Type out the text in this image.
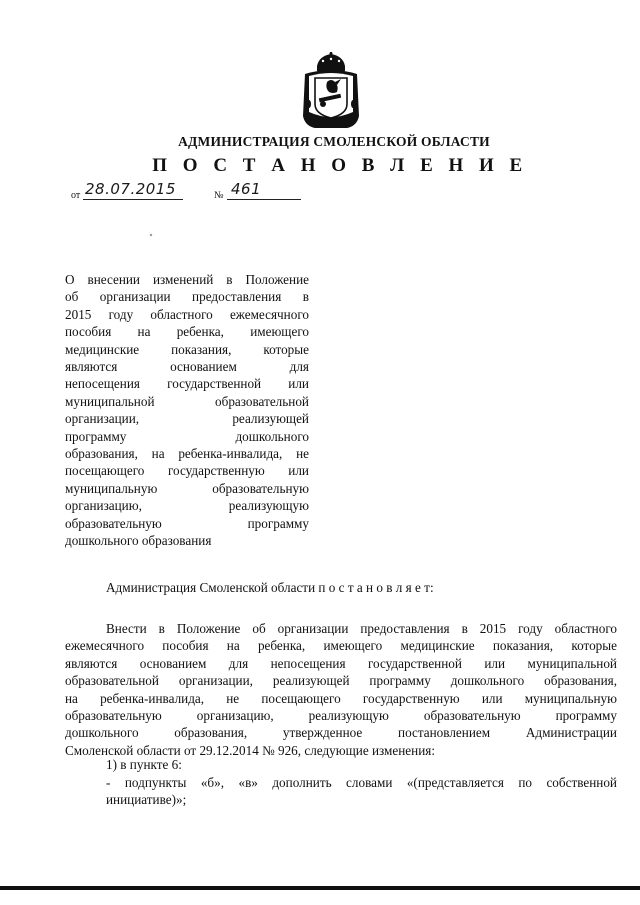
АДМИНИСТРАЦИЯ СМОЛЕНСКОЙ ОБЛАСТИ
П О С Т А Н О В Л Е Н И Е
от 28.07.2015	№ 461
О внесении изменений в Положение
об организации предоставления в
2015 году областного ежемесячного
пособия на ребенка, имеющего
медицинские показания, которые
являются основанием для
непосещения государственной или
муниципальной образовательной
организации, реализующей
программу дошкольного
образования, на ребенка-инвалида, не
посещающего государственную или
муниципальную образовательную
организацию, реализующую
образовательную программу
дошкольного образования
Администрация Смоленской области п о с т а н о в л я е т:
Внести в Положение об организации предоставления в 2015 году областного
ежемесячного пособия на ребенка, имеющего медицинские показания, которые
являются основанием для непосещения государственной или муниципальной
образовательной организации, реализующей программу дошкольного образования,
на ребенка-инвалида, не посещающего государственную или муниципальную
образовательную организацию, реализующую образовательную программу
дошкольного образования, утвержденное постановлением Администрации
Смоленской области от 29.12.2014 № 926, следующие изменения:
1) в пункте 6:
- подпункты «б», «в» дополнить словами «(представляется по собственной
инициативе)»;
